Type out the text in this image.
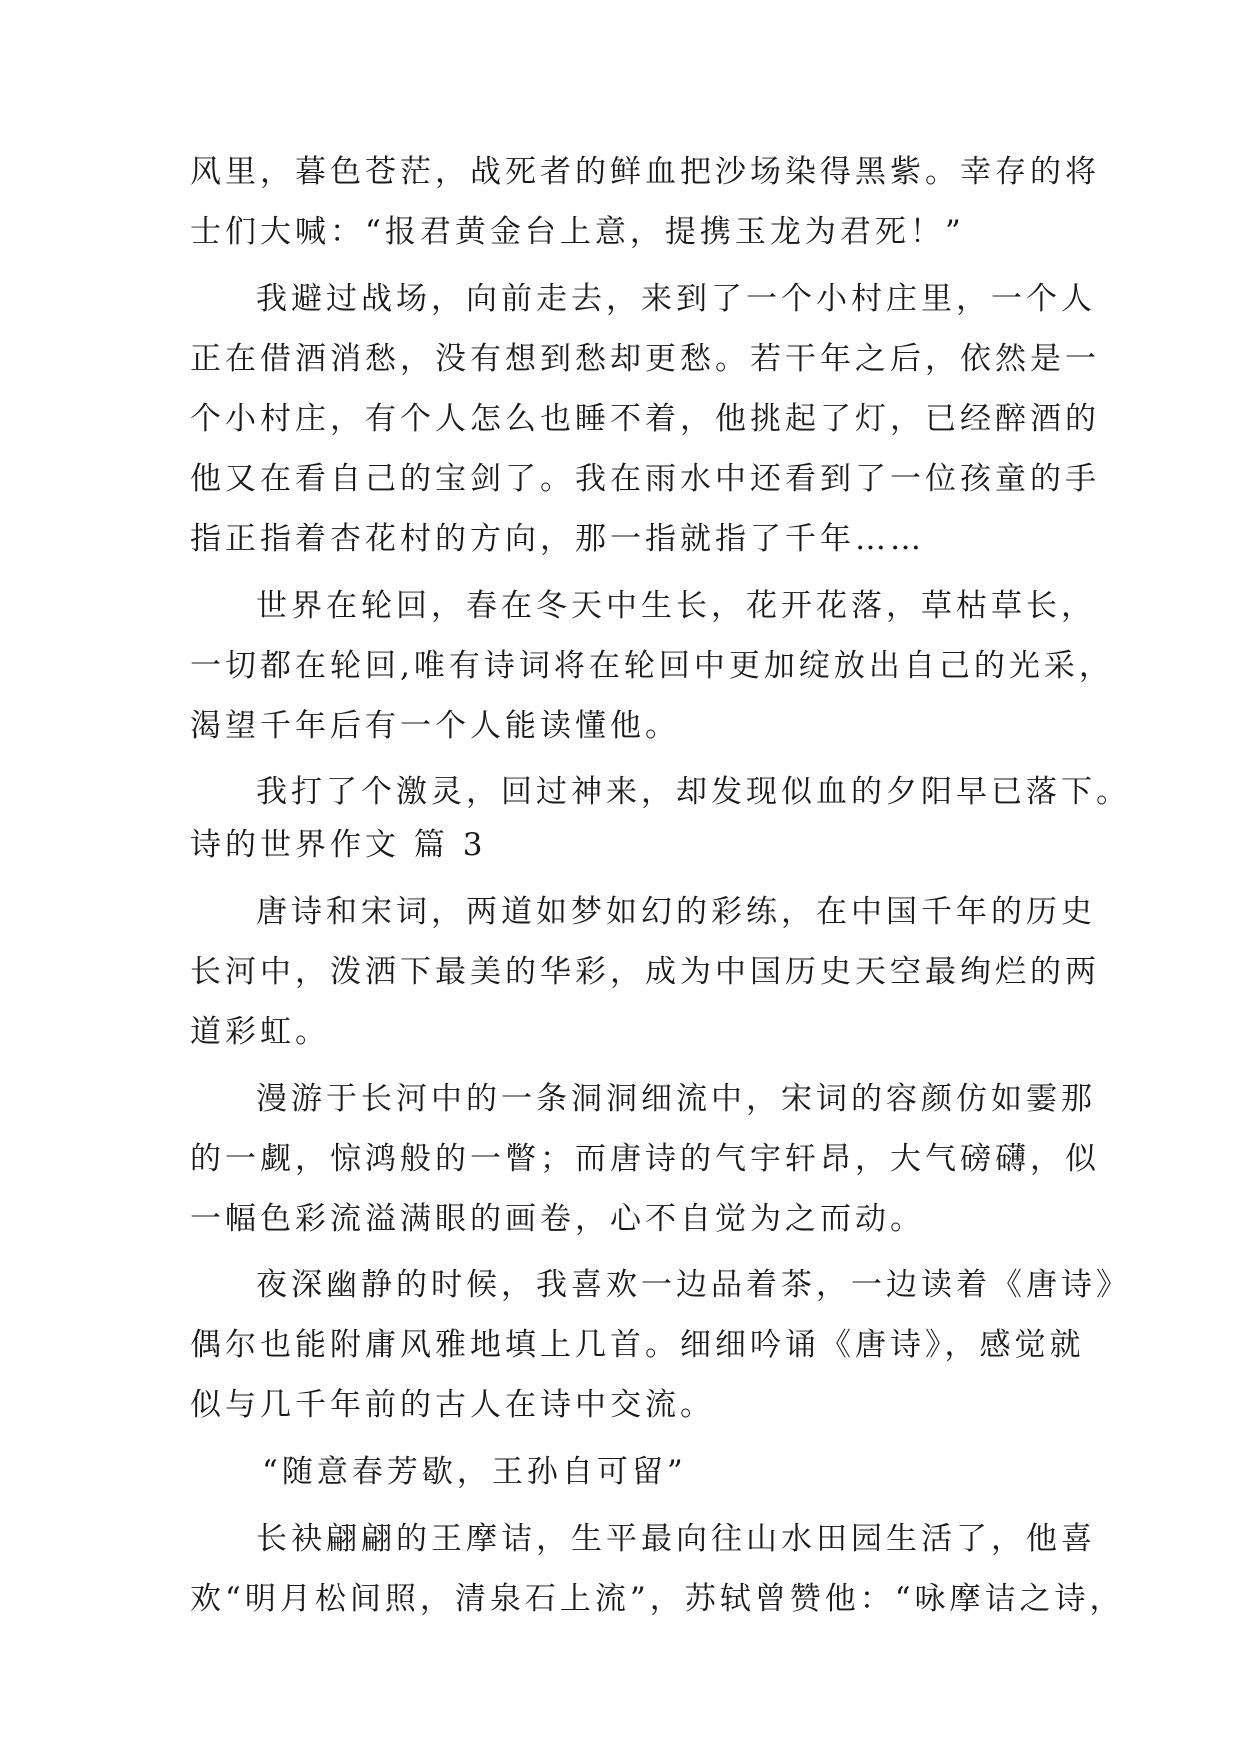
风里，暮色苍茫，战死者的鲜血把沙场染得黑紫。幸存的将
士们大喊：“报君黄金台上意，提携玉龙为君死！”
我避过战场，向前走去，来到了一个小村庄里，一个人
正在借酒消愁，没有想到愁却更愁。若干年之后，依然是一
个小村庄，有个人怎么也睡不着，他挑起了灯，已经醉酒的
他又在看自己的宝剑了。我在雨水中还看到了一位孩童的手
指正指着杏花村的方向，那一指就指了千年……
世界在轮回，春在冬天中生长，花开花落，草枯草长，
一切都在轮回,唯有诗词将在轮回中更加绽放出自己的光采，
渴望千年后有一个人能读懂他。
我打了个激灵，回过神来，却发现似血的夕阳早已落下。
诗的世界作文 篇 3
唐诗和宋词，两道如梦如幻的彩练，在中国千年的历史
长河中，泼洒下最美的华彩，成为中国历史天空最绚烂的两
道彩虹。
漫游于长河中的一条洞洞细流中，宋词的容颜仿如霎那
的一觑，惊鸿般的一瞥；而唐诗的气宇轩昂，大气磅礴，似
一幅色彩流溢满眼的画卷，心不自觉为之而动。
夜深幽静的时候，我喜欢一边品着茶，一边读着《唐诗》
偶尔也能附庸风雅地填上几首。细细吟诵《唐诗》，感觉就
似与几千年前的古人在诗中交流。
“随意春芳歇，王孙自可留”
长袂翩翩的王摩诘，生平最向往山水田园生活了，他喜
欢“明月松间照，清泉石上流”，苏轼曾赞他：“咏摩诘之诗，
